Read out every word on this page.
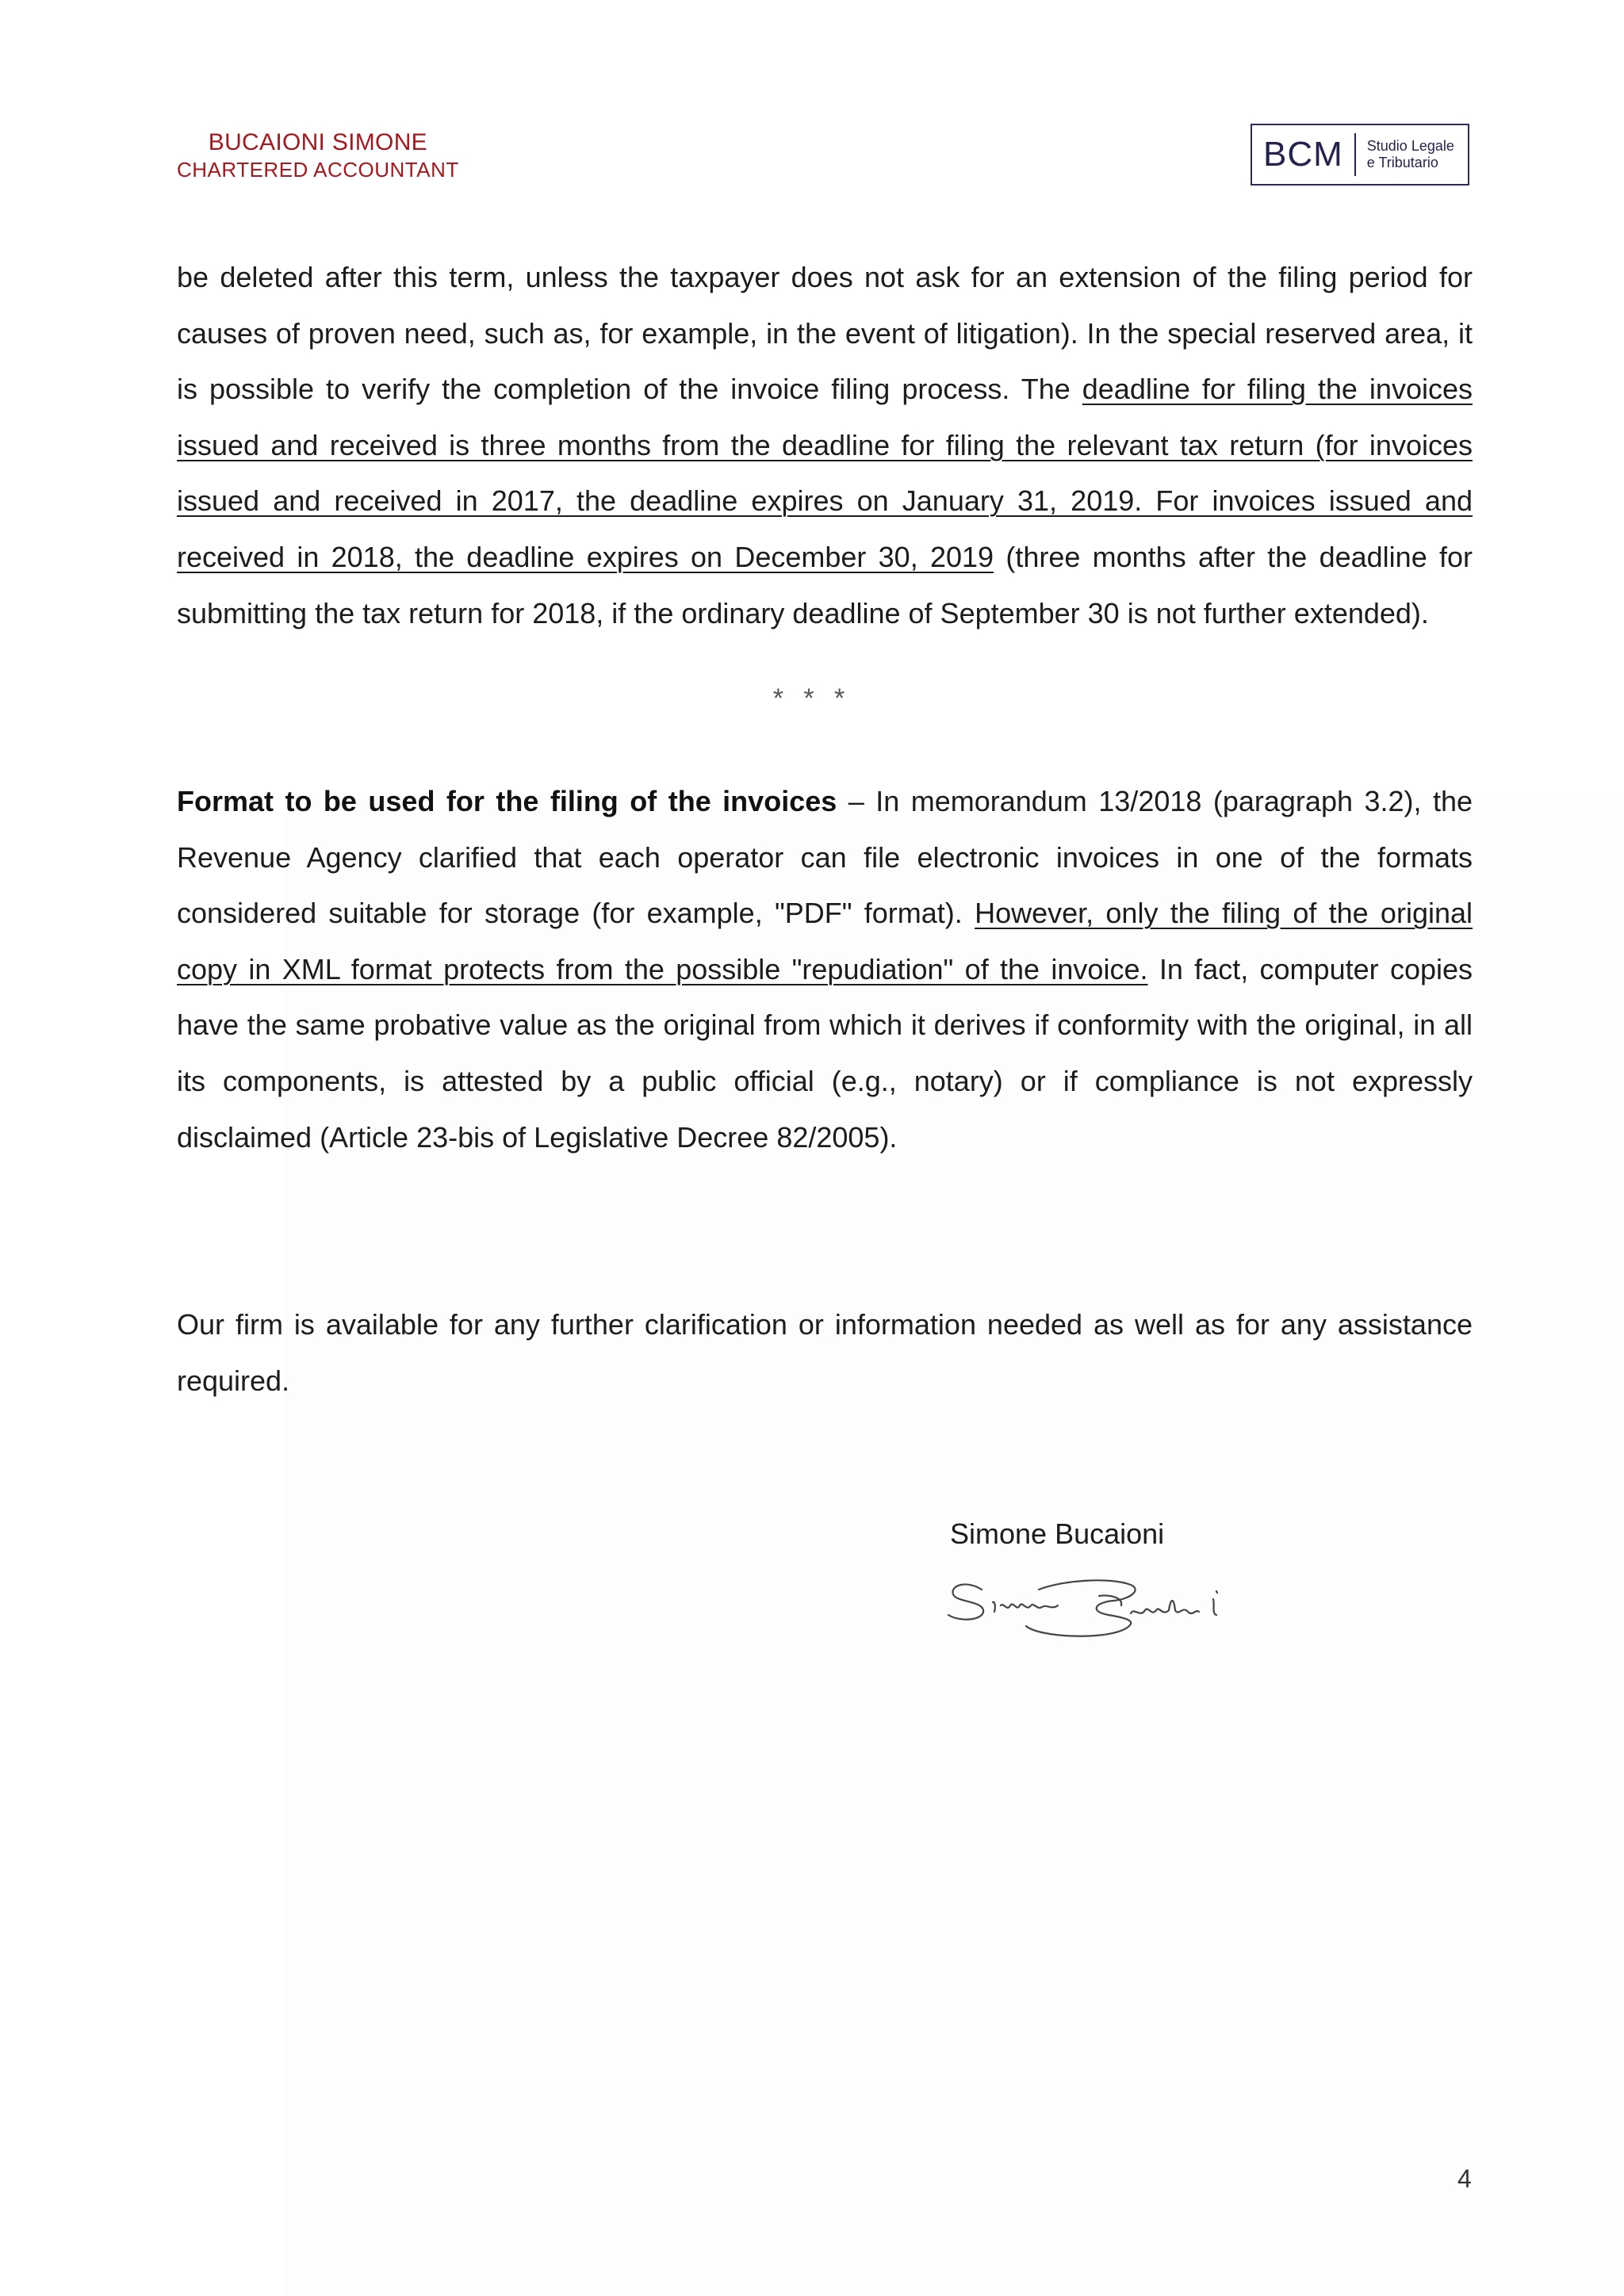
BUCAIONI SIMONE
CHARTERED ACCOUNTANT	BCM	Studio Legale
e Tributario
be deleted after this term, unless the taxpayer does not ask for an extension of the filing period for causes of proven need, such as, for example, in the event of litigation). In the special reserved area, it is possible to verify the completion of the invoice filing process. The deadline for filing the invoices issued and received is three months from the deadline for filing the relevant tax return (for invoices issued and received in 2017, the deadline expires on January 31, 2019. For invoices issued and received in 2018, the deadline expires on December 30, 2019 (three months after the deadline for submitting the tax return for 2018, if the ordinary deadline of September 30 is not further extended).
* * *
Format to be used for the filing of the invoices – In memorandum 13/2018 (paragraph 3.2), the Revenue Agency clarified that each operator can file electronic invoices in one of the formats considered suitable for storage (for example, "PDF" format). However, only the filing of the original copy in XML format protects from the possible "repudiation" of the invoice. In fact, computer copies have the same probative value as the original from which it derives if conformity with the original, in all its components, is attested by a public official (e.g., notary) or if compliance is not expressly disclaimed (Article 23-bis of Legislative Decree 82/2005).
Our firm is available for any further clarification or information needed as well as for any assistance required.
Simone Bucaioni
4
